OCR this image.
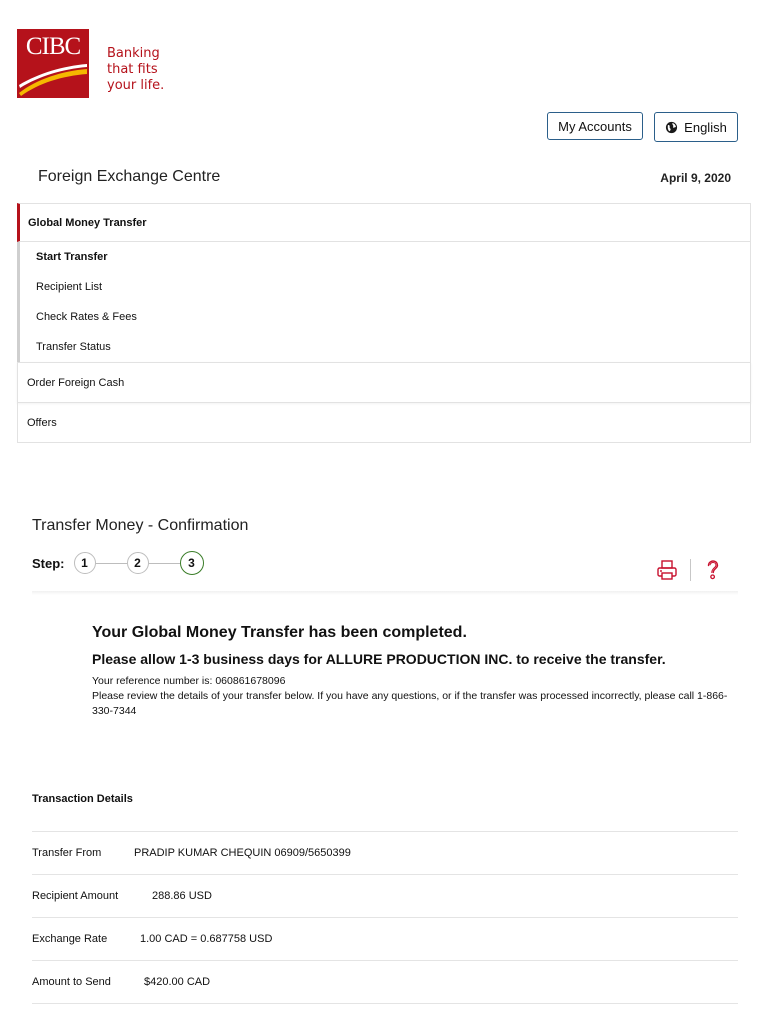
CIBC	Banking
that fits
your life.
My Accounts	English
Foreign Exchange Centre	April 9, 2020
Global Money Transfer
Start Transfer
Recipient List
Check Rates & Fees
Transfer Status
Order Foreign Cash
Offers
Transfer Money - Confirmation
Step: 1	2	3

Your Global Money Transfer has been completed.

Please allow 1-3 business days for ALLURE PRODUCTION INC. to receive the transfer.

Your reference number is: 060861678096

Please review the details of your transfer below. If you have any questions, or if the transfer was processed incorrectly, please call 1-866-330-7344

Transaction Details
Transfer From	PRADIP KUMAR CHEQUIN 06909/5650399
Recipient Amount	288.86 USD
Exchange Rate	1.00 CAD = 0.687758 USD
Amount to Send	$420.00 CAD
